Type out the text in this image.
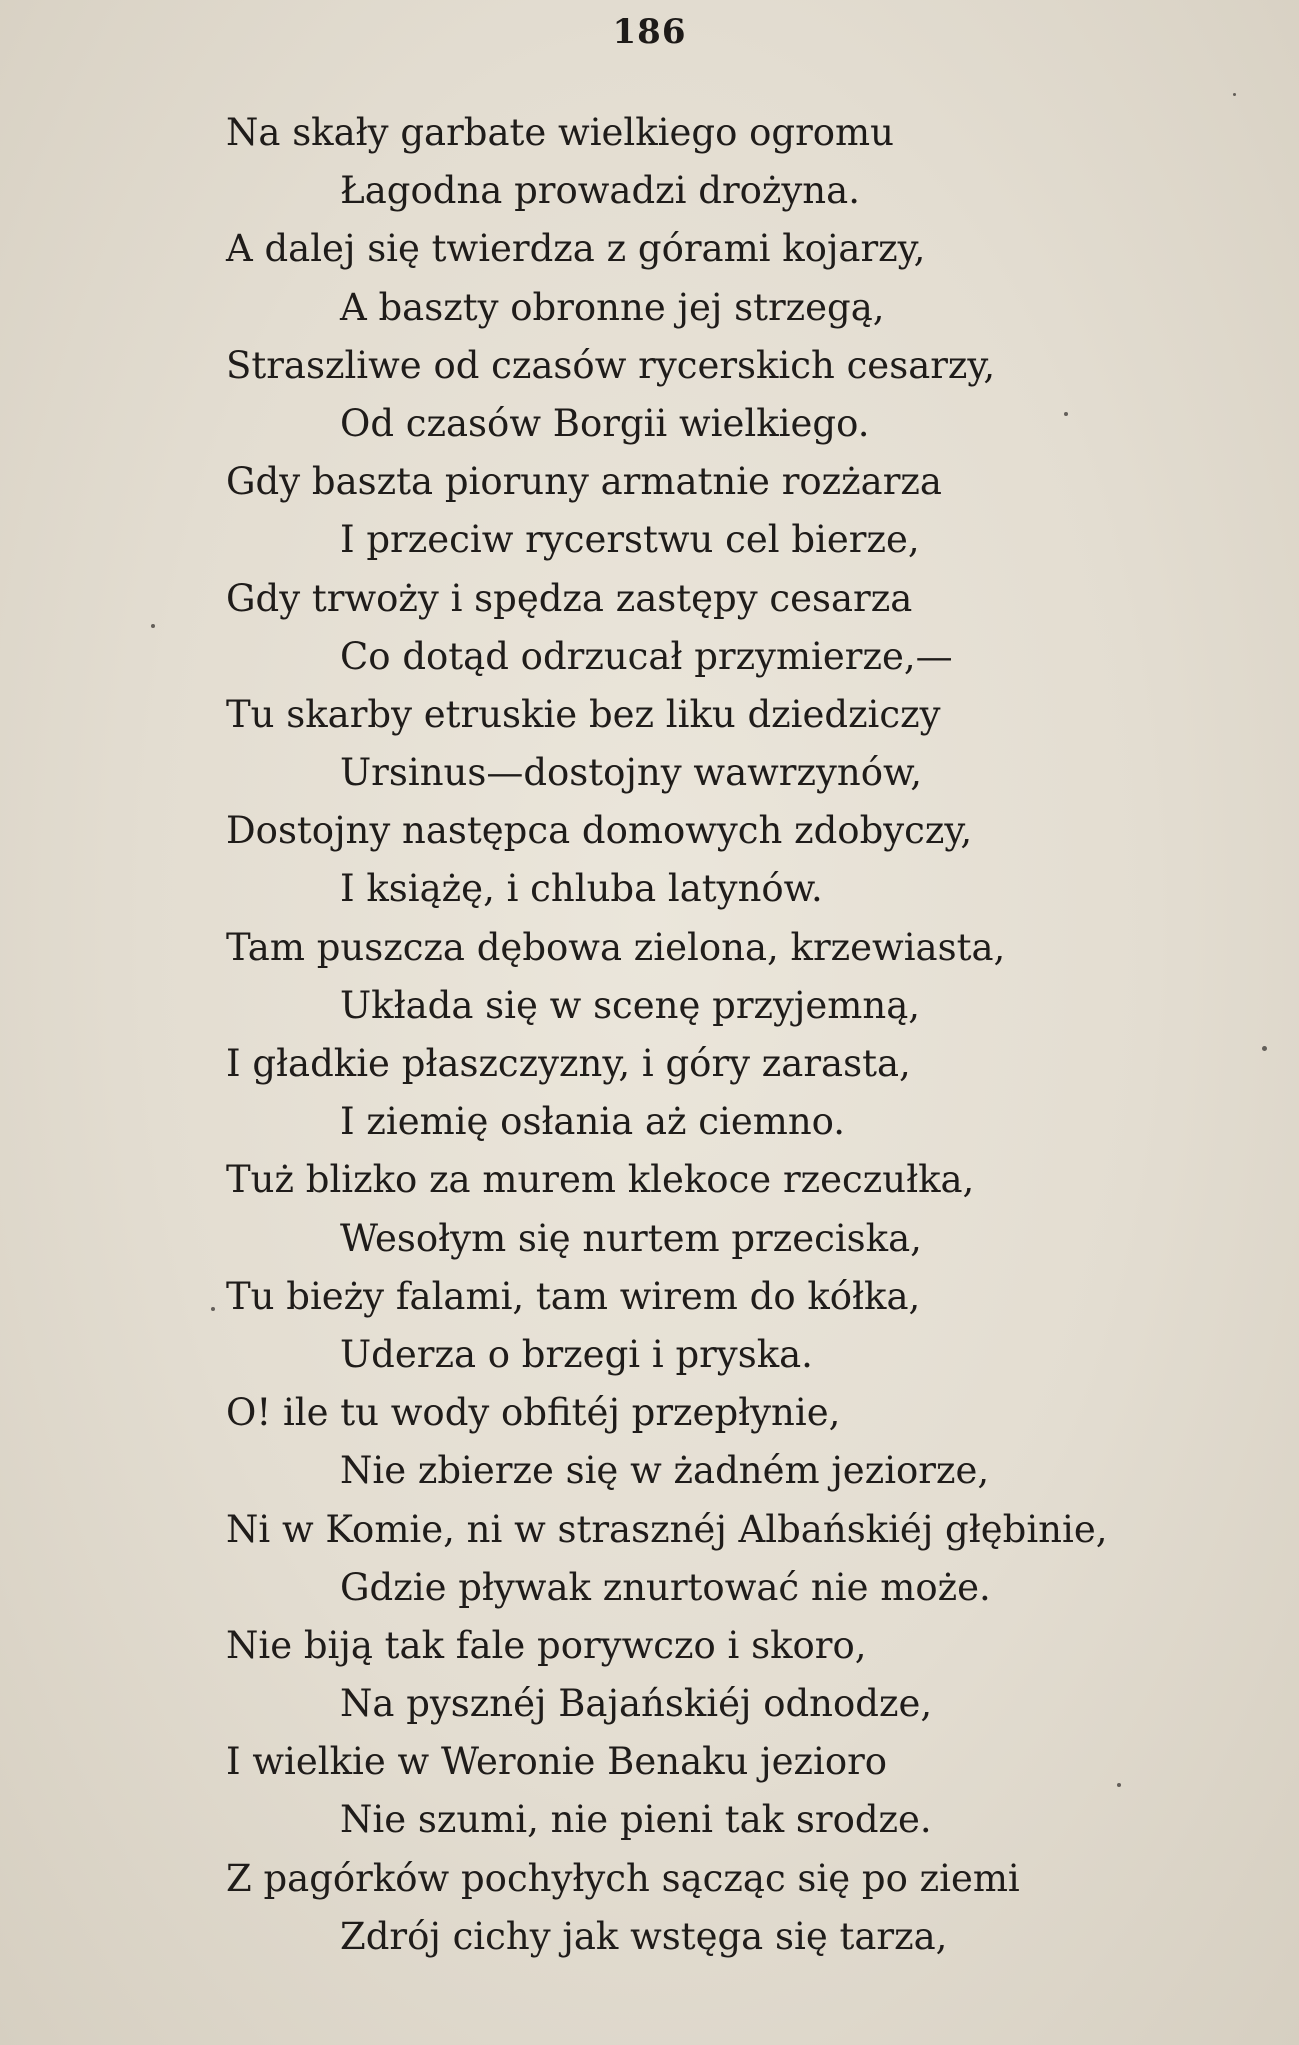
186
Na skały garbate wielkiego ogromu
Łagodna prowadzi drożyna.
A dalej się twierdza z górami kojarzy,
A baszty obronne jej strzegą,
Straszliwe od czasów rycerskich cesarzy,
Od czasów Borgii wielkiego.
Gdy baszta pioruny armatnie rozżarza
I przeciw rycerstwu cel bierze,
Gdy trwoży i spędza zastępy cesarza
Co dotąd odrzucał przymierze,—
Tu skarby etruskie bez liku dziedziczy
Ursinus—dostojny wawrzynów,
Dostojny następca domowych zdobyczy,
I książę, i chluba latynów.
Tam puszcza dębowa zielona, krzewiasta,
Układa się w scenę przyjemną,
I gładkie płaszczyzny, i góry zarasta,
I ziemię osłania aż ciemno.
Tuż blizko za murem klekoce rzeczułka,
Wesołym się nurtem przeciska,
Tu bieży falami, tam wirem do kółka,
Uderza o brzegi i pryska.
O! ile tu wody obfitéj przepłynie,
Nie zbierze się w żadném jeziorze,
Ni w Komie, ni w strasznéj Albańskiéj głębinie,
Gdzie pływak znurtować nie może.
Nie biją tak fale porywczo i skoro,
Na pysznéj Bajańskiéj odnodze,
I wielkie w Weronie Benaku jezioro
Nie szumi, nie pieni tak srodze.
Z pagórków pochyłych sącząc się po ziemi
Zdrój cichy jak wstęga się tarza,
